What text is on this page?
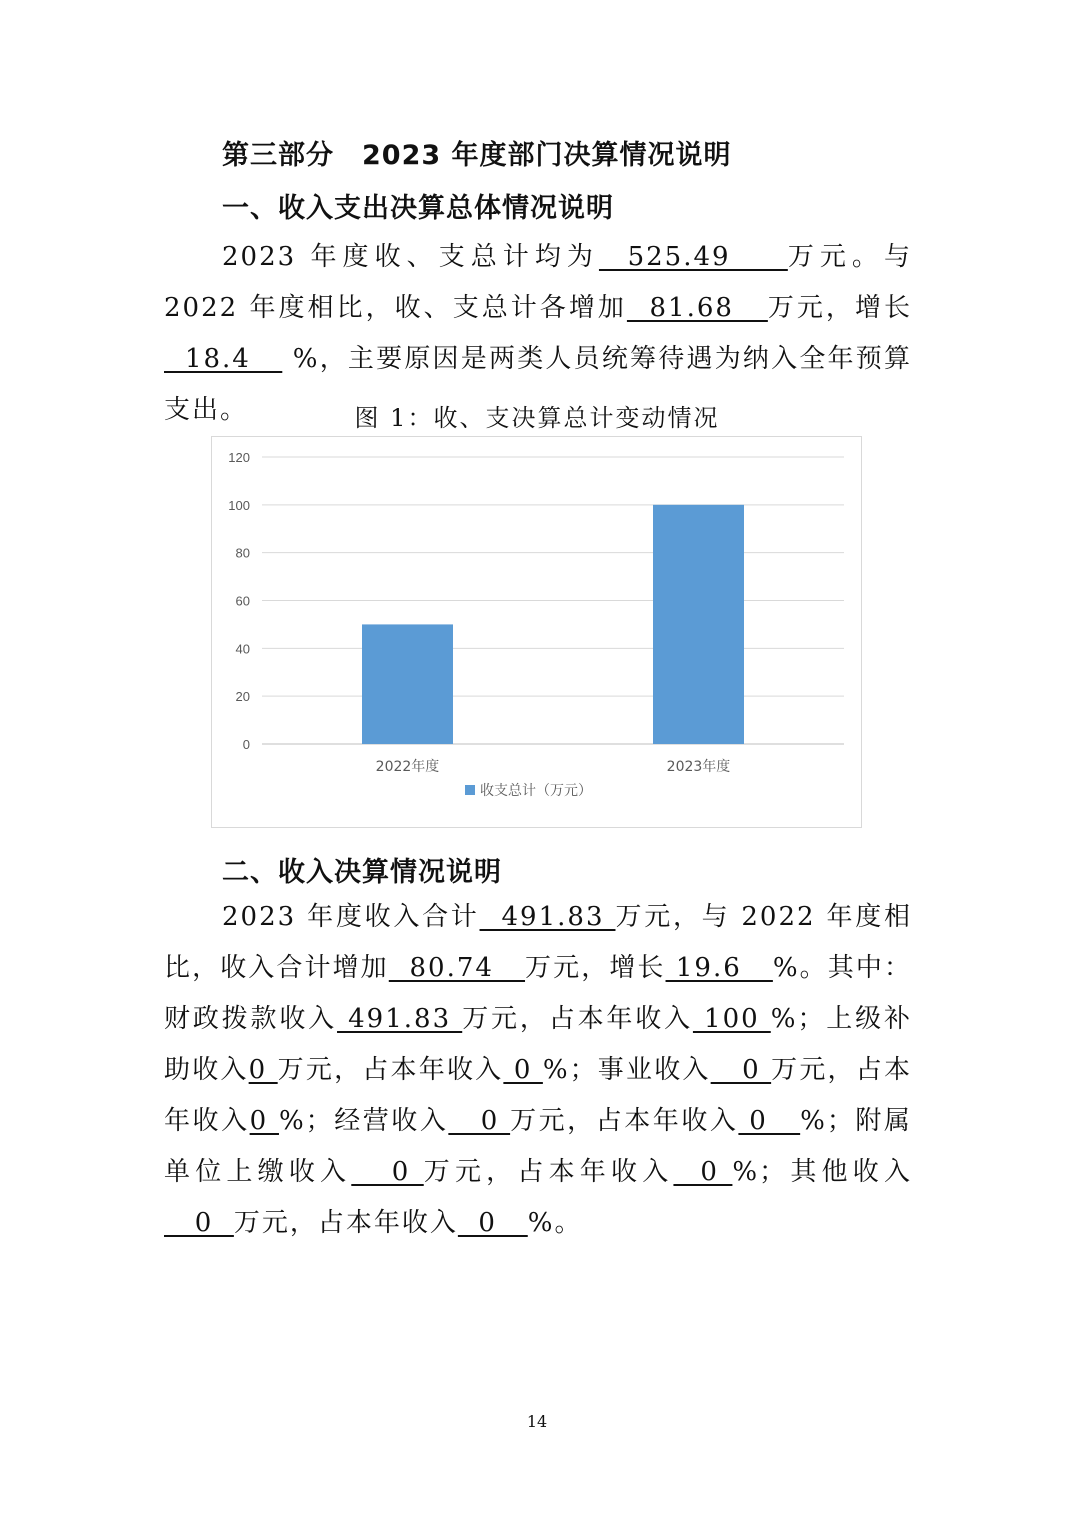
第三部分　2023 年度部门决算情况说明
一、收入支出决算总体情况说明
2023 年度收、支总计均为  525.49    万元。与 2022 年度相比，收、支总计各增加  81.68   万元，增长  18.4    %，主要原因是两类人员统筹待遇为纳入全年预算支出。	图 1：收、支决算总计变动情况
0
20
40
60
80
100
120
2022年度	2023年度
收支总计（万元）
二、收入决算情况说明
2023 年度收入合计  491.83 万元，与 2022 年度相比，收入合计增加  80.74   万元，增长 19.6   %。其中：财政拨款收入 491.83 万元，占本年收入 100 %；上级补助收入0 万元，占本年收入 0 %；事业收入   0 万元，占本年收入0 %；经营收入   0 万元，占本年收入 0   %；附属单位上缴收入   0 万元，占本年收入  0 %；其他收入   0  万元，占本年收入  0   %。
14
